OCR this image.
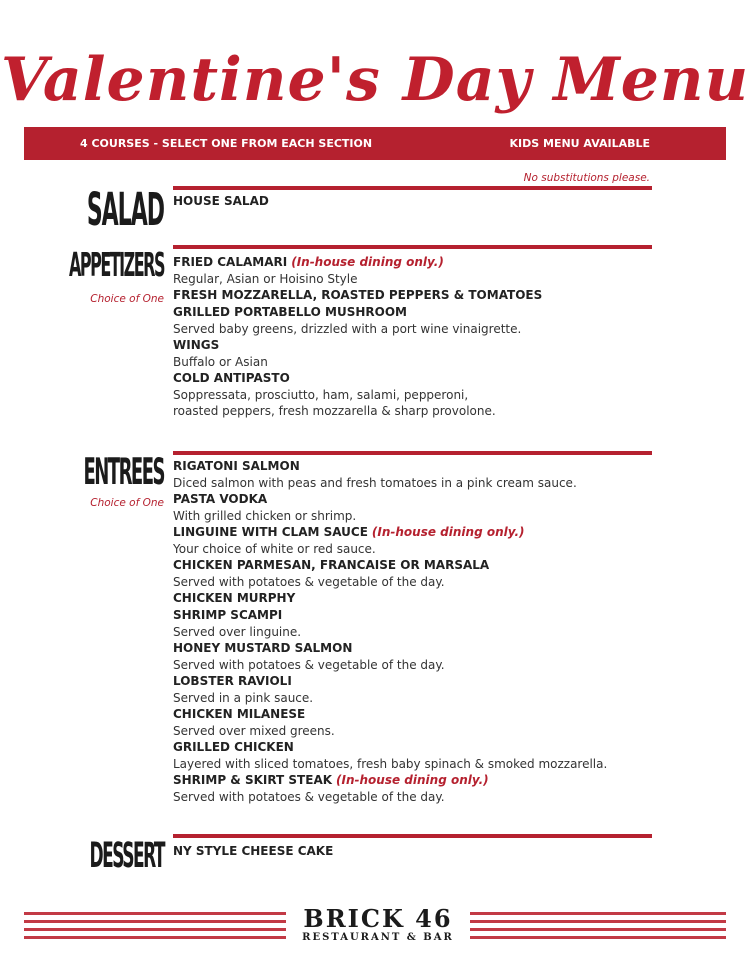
Valentine's Day Menu
4 COURSES - SELECT ONE FROM EACH SECTION	KIDS MENU AVAILABLE
No substitutions please.
SALAD HOUSE SALAD
APPETIZERS
Choice of One
FRIED CALAMARI (In-house dining only.)
Regular, Asian or Hoisino Style
FRESH MOZZARELLA, ROASTED PEPPERS & TOMATOES
GRILLED PORTABELLO MUSHROOM
Served baby greens, drizzled with a port wine vinaigrette.
WINGS
Buffalo or Asian
COLD ANTIPASTO
Soppressata, prosciutto, ham, salami, pepperoni,
roasted peppers, fresh mozzarella & sharp provolone.
ENTREES
Choice of One
RIGATONI SALMON
Diced salmon with peas and fresh tomatoes in a pink cream sauce.
PASTA VODKA
With grilled chicken or shrimp.
LINGUINE WITH CLAM SAUCE (In-house dining only.)
Your choice of white or red sauce.
CHICKEN PARMESAN, FRANCAISE OR MARSALA
Served with potatoes & vegetable of the day.
CHICKEN MURPHY
SHRIMP SCAMPI
Served over linguine.
HONEY MUSTARD SALMON
Served with potatoes & vegetable of the day.
LOBSTER RAVIOLI
Served in a pink sauce.
CHICKEN MILANESE
Served over mixed greens.
GRILLED CHICKEN
Layered with sliced tomatoes, fresh baby spinach & smoked mozzarella.
SHRIMP & SKIRT STEAK (In-house dining only.)
Served with potatoes & vegetable of the day.
DESSERT NY STYLE CHEESE CAKE
BRICK 46
RESTAURANT & BAR
